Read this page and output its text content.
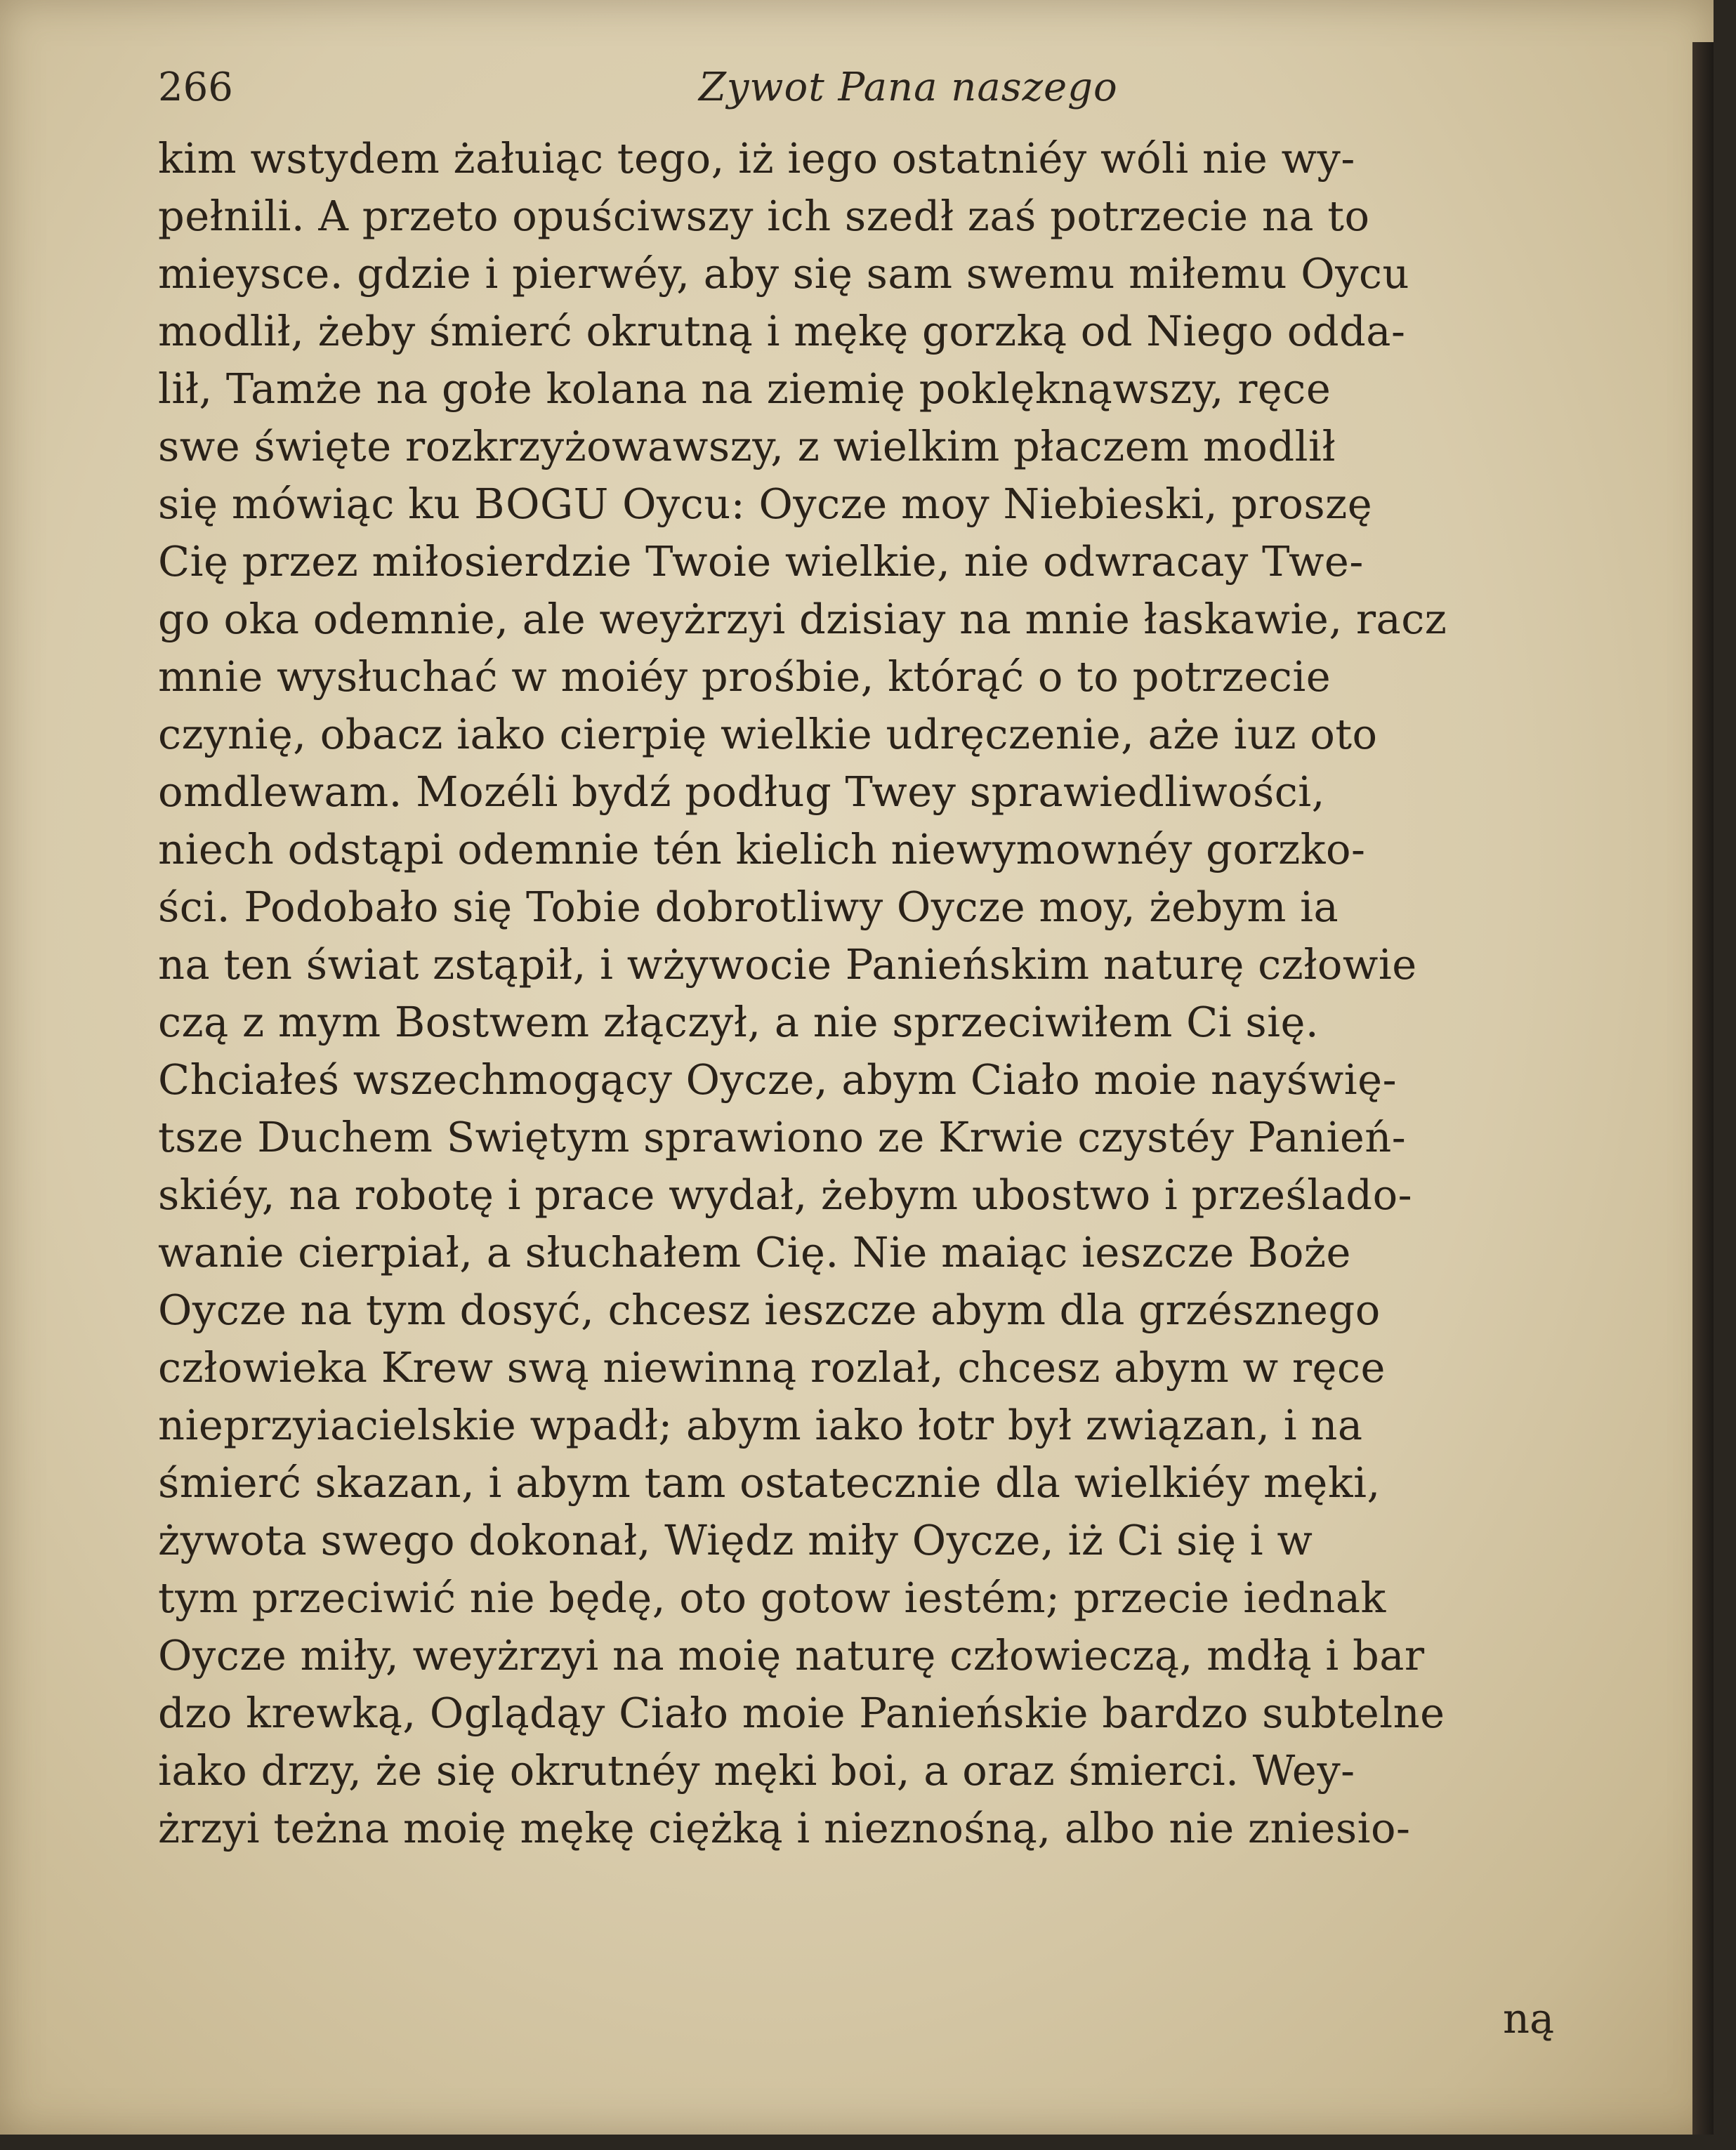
266	Zywot Pana naszego
kim wstydem żałuiąc tego, iż iego ostatniéy wóli nie wy-
pełnili. A przeto opuściwszy ich szedł zaś potrzecie na to
mieysce. gdzie i pierwéy, aby się sam swemu miłemu Oycu
modlił, żeby śmierć okrutną i mękę gorzką od Niego odda-
lił, Tamże na gołe kolana na ziemię poklęknąwszy, ręce
swe święte rozkrzyżowawszy, z wielkim płaczem modlił
się mówiąc ku BOGU Oycu: Oycze moy Niebieski, proszę
Cię przez miłosierdzie Twoie wielkie, nie odwracay Twe-
go oka odemnie, ale weyżrzyi dzisiay na mnie łaskawie, racz
mnie wysłuchać w moiéy prośbie, którąć o to potrzecie
czynię, obacz iako cierpię wielkie udręczenie, aże iuz oto
omdlewam. Mozéli bydź podług Twey sprawiedliwości,
niech odstąpi odemnie tén kielich niewymownéy gorzko-
ści. Podobało się Tobie dobrotliwy Oycze moy, żebym ia
na ten świat zstąpił, i wżywocie Panieńskim naturę człowie
czą z mym Bostwem złączył, a nie sprzeciwiłem Ci się.
Chciałeś wszechmogący Oycze, abym Ciało moie nayświę-
tsze Duchem Swiętym sprawiono ze Krwie czystéy Panień-
skiéy, na robotę i prace wydał, żebym ubostwo i prześlado-
wanie cierpiał, a słuchałem Cię. Nie maiąc ieszcze Boże
Oycze na tym dosyć, chcesz ieszcze abym dla grzésznego
człowieka Krew swą niewinną rozlał, chcesz abym w ręce
nieprzyiacielskie wpadł; abym iako łotr był związan, i na
śmierć skazan, i abym tam ostatecznie dla wielkiéy męki,
żywota swego dokonał, Więdz miły Oycze, iż Ci się i w
tym przeciwić nie będę, oto gotow iestém; przecie iednak
Oycze miły, weyżrzyi na moię naturę człowieczą, mdłą i bar
dzo krewką, Oglądąy Ciało moie Panieńskie bardzo subtelne
iako drzy, że się okrutnéy męki boi, a oraz śmierci. Wey-
żrzyi teżna moię mękę ciężką i nieznośną, albo nie zniesio-
ną
